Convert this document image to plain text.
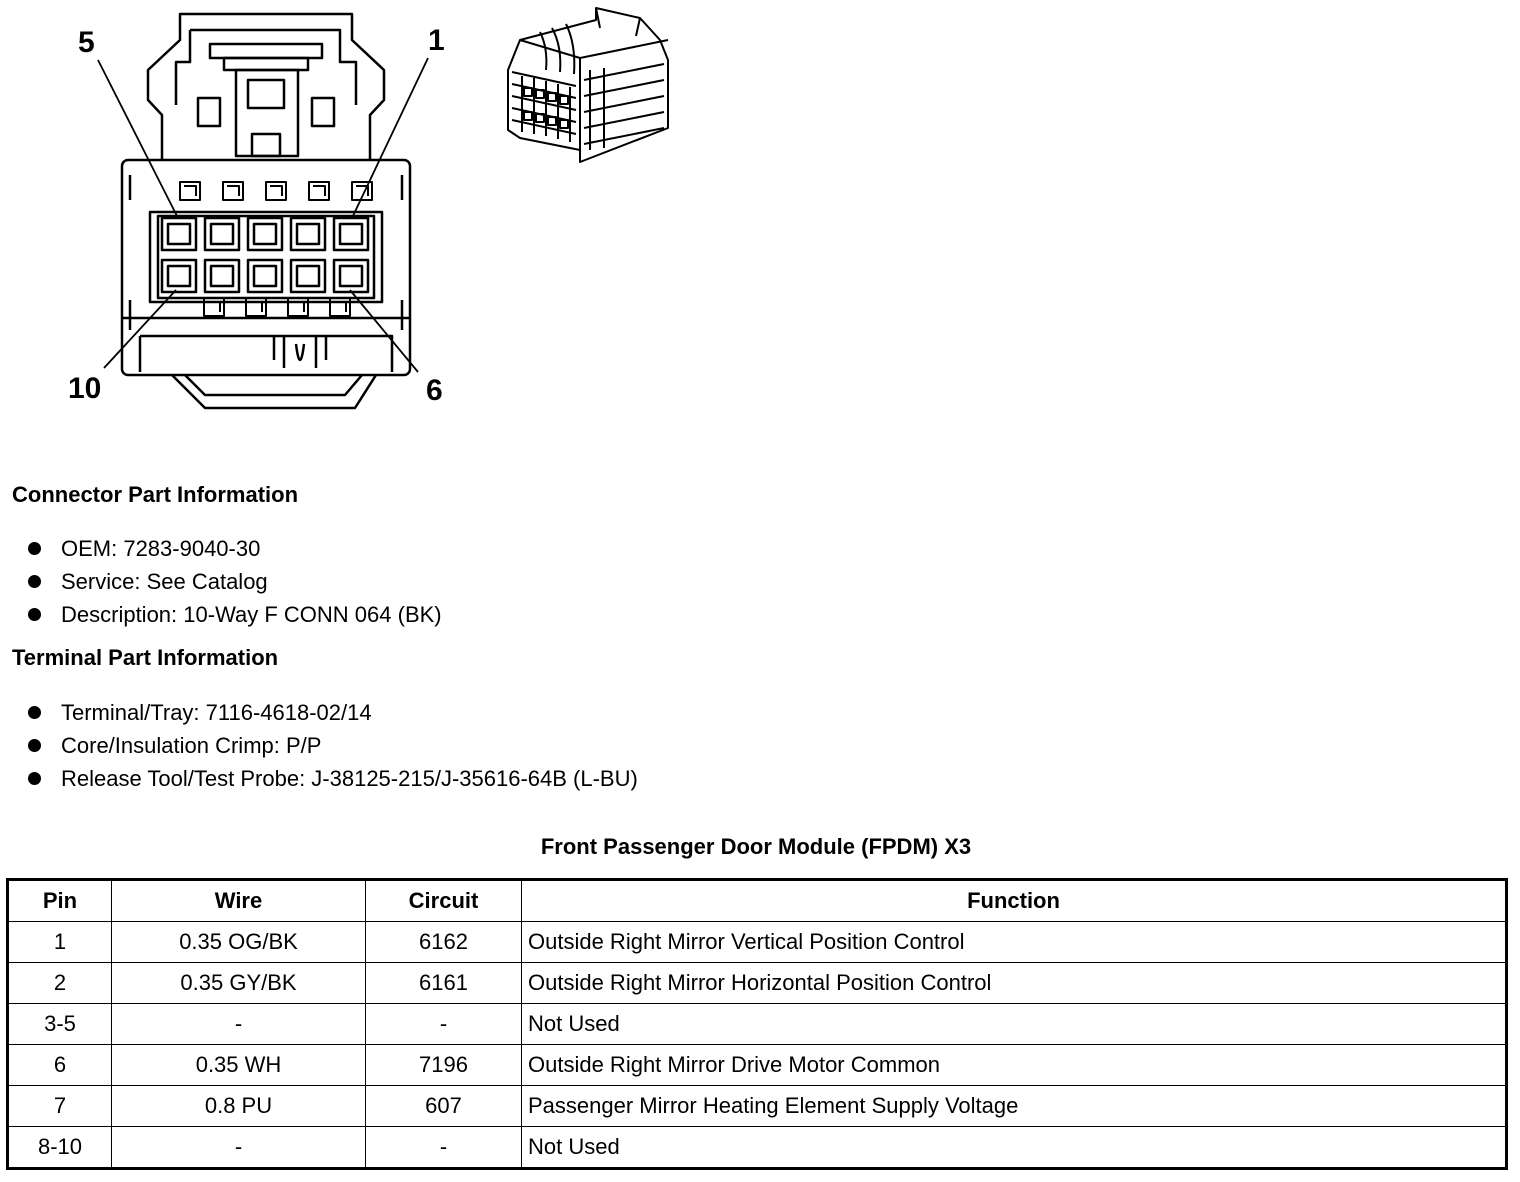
5	1
10	6
Connector Part Information
OEM: 7283-9040-30
Service: See Catalog
Description: 10-Way F CONN 064 (BK)
Terminal Part Information
Terminal/Tray: 7116-4618-02/14
Core/Insulation Crimp: P/P
Release Tool/Test Probe: J-38125-215/J-35616-64B (L-BU)
Front Passenger Door Module (FPDM) X3
Pin	Wire	Circuit	Function
1	0.35 OG/BK	6162	Outside Right Mirror Vertical Position Control
2	0.35 GY/BK	6161	Outside Right Mirror Horizontal Position Control
3-5	-	-	Not Used
6	0.35 WH	7196	Outside Right Mirror Drive Motor Common
7	0.8 PU	607	Passenger Mirror Heating Element Supply Voltage
8-10	-	-	Not Used
